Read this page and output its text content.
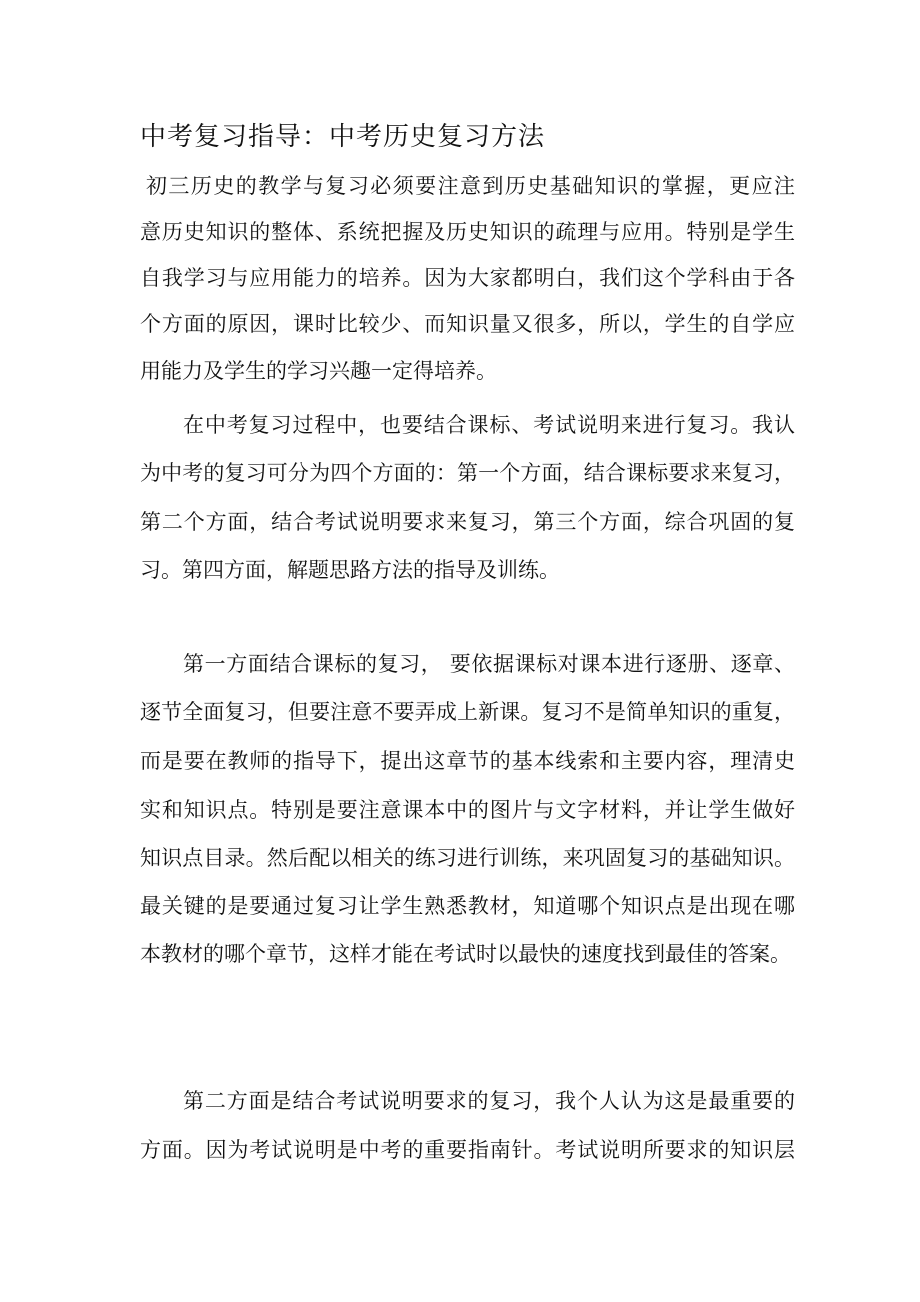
中考复习指导：中考历史复习方法
初三历史的教学与复习必须要注意到历史基础知识的掌握，更应注
意历史知识的整体、系统把握及历史知识的疏理与应用。特别是学生
自我学习与应用能力的培养。因为大家都明白，我们这个学科由于各
个方面的原因，课时比较少、而知识量又很多，所以，学生的自学应
用能力及学生的学习兴趣一定得培养。
在中考复习过程中，也要结合课标、考试说明来进行复习。我认
为中考的复习可分为四个方面的：第一个方面，结合课标要求来复习，
第二个方面，结合考试说明要求来复习，第三个方面，综合巩固的复
习。第四方面，解题思路方法的指导及训练。
第一方面结合课标的复习， 要依据课标对课本进行逐册、逐章、
逐节全面复习，但要注意不要弄成上新课。复习不是简单知识的重复，
而是要在教师的指导下，提出这章节的基本线索和主要内容，理清史
实和知识点。特别是要注意课本中的图片与文字材料，并让学生做好
知识点目录。然后配以相关的练习进行训练，来巩固复习的基础知识。
最关键的是要通过复习让学生熟悉教材，知道哪个知识点是出现在哪
本教材的哪个章节，这样才能在考试时以最快的速度找到最佳的答案。
第二方面是结合考试说明要求的复习，我个人认为这是最重要的
方面。因为考试说明是中考的重要指南针。考试说明所要求的知识层
